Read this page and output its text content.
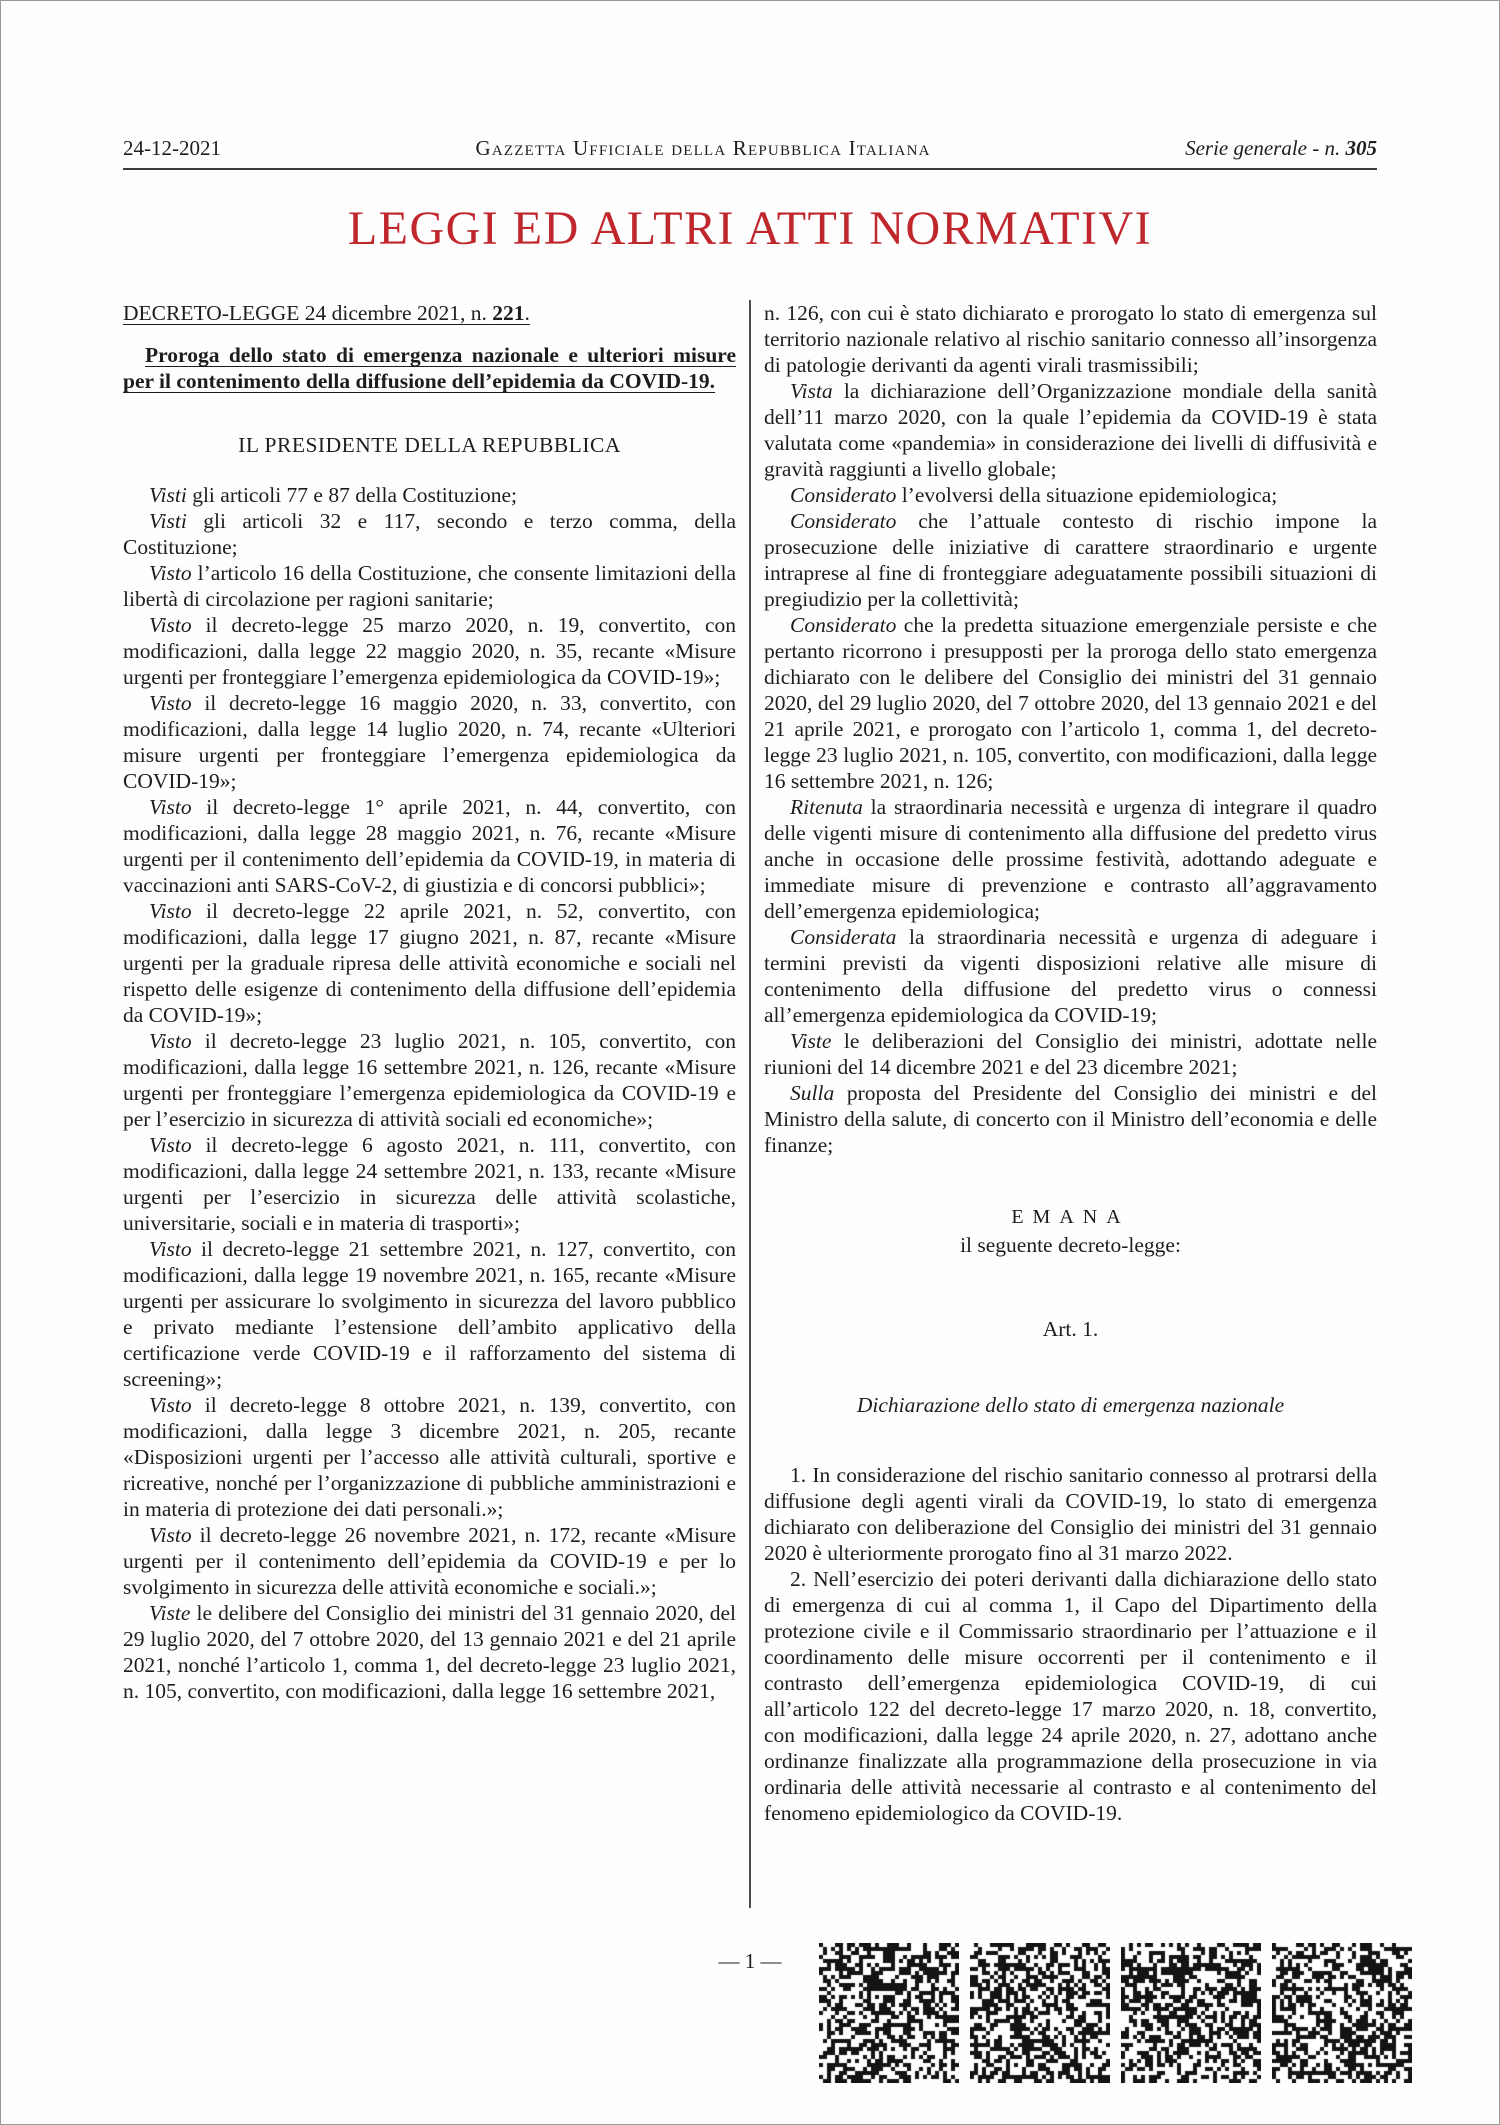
24-12-2021	Gazzetta Ufficiale della Repubblica Italiana	Serie generale - n. 305
LEGGI ED ALTRI ATTI NORMATIVI

DECRETO-LEGGE 24 dicembre 2021, n. 221.

Proroga dello stato di emergenza nazionale e ulteriori misure per il contenimento della diffusione dell’epidemia da COVID-19.

IL PRESIDENTE DELLA REPUBBLICA

Visti gli articoli 77 e 87 della Costituzione;

Visti gli articoli 32 e 117, secondo e terzo comma, della Costituzione;

Visto l’articolo 16 della Costituzione, che consente limitazioni della libertà di circolazione per ragioni sanitarie;

Visto il decreto-legge 25 marzo 2020, n. 19, convertito, con modificazioni, dalla legge 22 maggio 2020, n. 35, recante «Misure urgenti per fronteggiare l’emergenza epidemiologica da COVID-19»;

Visto il decreto-legge 16 maggio 2020, n. 33, convertito, con modificazioni, dalla legge 14 luglio 2020, n. 74, recante «Ulteriori misure urgenti per fronteggiare l’emergenza epidemiologica da COVID-19»;

Visto il decreto-legge 1° aprile 2021, n. 44, convertito, con modificazioni, dalla legge 28 maggio 2021, n. 76, recante «Misure urgenti per il contenimento dell’epidemia da COVID-19, in materia di vaccinazioni anti SARS-CoV-2, di giustizia e di concorsi pubblici»;

Visto il decreto-legge 22 aprile 2021, n. 52, convertito, con modificazioni, dalla legge 17 giugno 2021, n. 87, recante «Misure urgenti per la graduale ripresa delle attività economiche e sociali nel rispetto delle esigenze di contenimento della diffusione dell’epidemia da COVID-19»;

Visto il decreto-legge 23 luglio 2021, n. 105, convertito, con modificazioni, dalla legge 16 settembre 2021, n. 126, recante «Misure urgenti per fronteggiare l’emergenza epidemiologica da COVID-19 e per l’esercizio in sicurezza di attività sociali ed economiche»;

Visto il decreto-legge 6 agosto 2021, n. 111, convertito, con modificazioni, dalla legge 24 settembre 2021, n. 133, recante «Misure urgenti per l’esercizio in sicurezza delle attività scolastiche, universitarie, sociali e in materia di trasporti»;

Visto il decreto-legge 21 settembre 2021, n. 127, convertito, con modificazioni, dalla legge 19 novembre 2021, n. 165, recante «Misure urgenti per assicurare lo svolgimento in sicurezza del lavoro pubblico e privato mediante l’estensione dell’ambito applicativo della certificazione verde COVID-19 e il rafforzamento del sistema di screening»;

Visto il decreto-legge 8 ottobre 2021, n. 139, convertito, con modificazioni, dalla legge 3 dicembre 2021, n. 205, recante «Disposizioni urgenti per l’accesso alle attività culturali, sportive e ricreative, nonché per l’organizzazione di pubbliche amministrazioni e in materia di protezione dei dati personali.»;

Visto il decreto-legge 26 novembre 2021, n. 172, recante «Misure urgenti per il contenimento dell’epidemia da COVID-19 e per lo svolgimento in sicurezza delle attività economiche e sociali.»;

Viste le delibere del Consiglio dei ministri del 31 gennaio 2020, del 29 luglio 2020, del 7 ottobre 2020, del 13 gennaio 2021 e del 21 aprile 2021, nonché l’articolo 1, comma 1, del decreto-legge 23 luglio 2021, n. 105, convertito, con modificazioni, dalla legge 16 settembre 2021,

n. 126, con cui è stato dichiarato e prorogato lo stato di emergenza sul territorio nazionale relativo al rischio sanitario connesso all’insorgenza di patologie derivanti da agenti virali trasmissibili;

Vista la dichiarazione dell’Organizzazione mondiale della sanità dell’11 marzo 2020, con la quale l’epidemia da COVID-19 è stata valutata come «pandemia» in considerazione dei livelli di diffusività e gravità raggiunti a livello globale;

Considerato l’evolversi della situazione epidemiologica;

Considerato che l’attuale contesto di rischio impone la prosecuzione delle iniziative di carattere straordinario e urgente intraprese al fine di fronteggiare adeguatamente possibili situazioni di pregiudizio per la collettività;

Considerato che la predetta situazione emergenziale persiste e che pertanto ricorrono i presupposti per la proroga dello stato emergenza dichiarato con le delibere del Consiglio dei ministri del 31 gennaio 2020, del 29 luglio 2020, del 7 ottobre 2020, del 13 gennaio 2021 e del 21 aprile 2021, e prorogato con l’articolo 1, comma 1, del decreto-legge 23 luglio 2021, n. 105, convertito, con modificazioni, dalla legge 16 settembre 2021, n. 126;

Ritenuta la straordinaria necessità e urgenza di integrare il quadro delle vigenti misure di contenimento alla diffusione del predetto virus anche in occasione delle prossime festività, adottando adeguate e immediate misure di prevenzione e contrasto all’aggravamento dell’emergenza epidemiologica;

Considerata la straordinaria necessità e urgenza di adeguare i termini previsti da vigenti disposizioni relative alle misure di contenimento della diffusione del predetto virus o connessi all’emergenza epidemiologica da COVID-19;

Viste le deliberazioni del Consiglio dei ministri, adottate nelle riunioni del 14 dicembre 2021 e del 23 dicembre 2021;

Sulla proposta del Presidente del Consiglio dei ministri e del Ministro della salute, di concerto con il Ministro dell’economia e delle finanze;

EMANA

il seguente decreto-legge:

Art. 1.

Dichiarazione dello stato di emergenza nazionale

1. In considerazione del rischio sanitario connesso al protrarsi della diffusione degli agenti virali da COVID-19, lo stato di emergenza dichiarato con deliberazione del Consiglio dei ministri del 31 gennaio 2020 è ulteriormente prorogato fino al 31 marzo 2022.

2. Nell’esercizio dei poteri derivanti dalla dichiarazione dello stato di emergenza di cui al comma 1, il Capo del Dipartimento della protezione civile e il Commissario straordinario per l’attuazione e il coordinamento delle misure occorrenti per il contenimento e il contrasto dell’emergenza epidemiologica COVID-19, di cui all’articolo 122 del decreto-legge 17 marzo 2020, n. 18, convertito, con modificazioni, dalla legge 24 aprile 2020, n. 27, adottano anche ordinanze finalizzate alla programmazione della prosecuzione in via ordinaria delle attività necessarie al contrasto e al contenimento del fenomeno epidemiologico da COVID-19.

— 1 —
